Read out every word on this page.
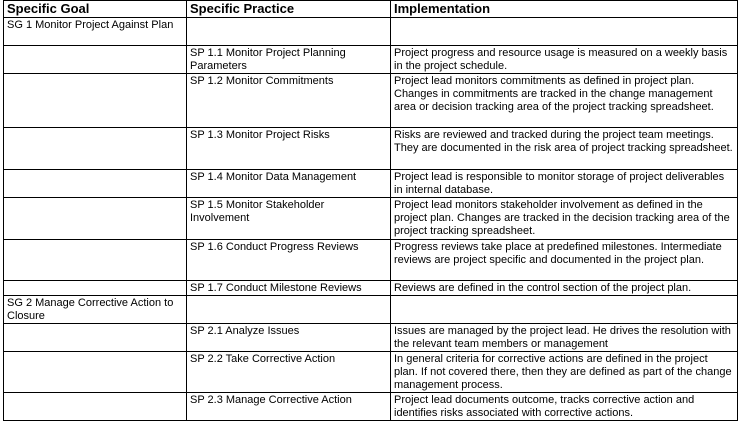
Specific Goal	Specific Practice	Implementation
SG 1 Monitor Project Against Plan		
	SP 1.1 Monitor Project Planning Parameters	Project progress and resource usage is measured on a weekly basis in the project schedule.
	SP 1.2 Monitor Commitments	Project lead monitors commitments as defined in project plan. Changes in commitments are tracked in the change management area or decision tracking area of the project tracking spreadsheet.
	SP 1.3 Monitor Project Risks	Risks are reviewed and tracked during the project team meetings. They are documented in the risk area of project tracking spreadsheet.
	SP 1.4 Monitor Data Management	Project lead is responsible to monitor storage of project deliverables in internal database.
	SP 1.5 Monitor Stakeholder Involvement	Project lead monitors stakeholder involvement as defined in the project plan. Changes are tracked in the decision tracking area of the project tracking spreadsheet.
	SP 1.6 Conduct Progress Reviews	Progress reviews take place at predefined milestones. Intermediate reviews are project specific and documented in the project plan.
	SP 1.7 Conduct Milestone Reviews	Reviews are defined in the control section of the project plan.
SG 2 Manage Corrective Action to Closure		
	SP 2.1 Analyze Issues	Issues are managed by the project lead. He drives the resolution with the relevant team members or management
	SP 2.2 Take Corrective Action	In general criteria for corrective actions are defined in the project plan. If not covered there, then they are defined as part of the change management process.
	SP 2.3 Manage Corrective Action	Project lead documents outcome, tracks corrective action and identifies risks associated with corrective actions.
